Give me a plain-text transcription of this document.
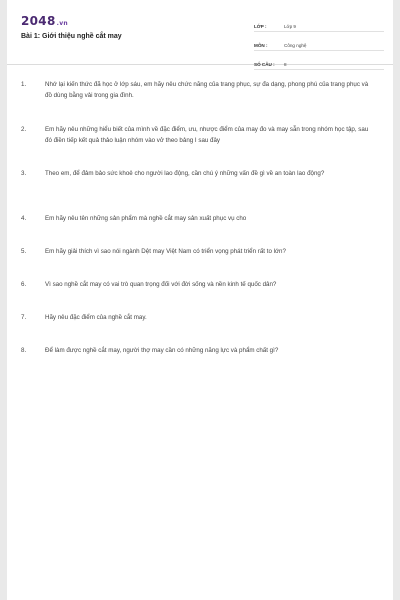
2048.vn
Bài 1: Giới thiệu nghề cắt may
LỚP :	Lớp 9
MÔN :	Công nghệ
SỐ CÂU :	8
1.	Nhớ lại kiến thức đã học ở lớp sáu, em hãy nêu chức năng của trang phục, sự đa dạng, phong phú của trang phục và đồ dùng bằng vải trong gia đình.
2.	Em hãy nêu những hiểu biết của mình về đặc điểm, ưu, nhược điểm của may đo và may sẵn trong nhóm học tập, sau đó điền tiếp kết quả thảo luận nhóm vào vở theo bảng I sau đây
3.	Theo em, để đảm bảo sức khoẻ cho người lao động, cần chú ý những vấn đề gì về an toàn lao động?
4.	Em hãy nêu tên những sản phẩm mà nghề cắt may sản xuất phục vụ cho
5.	Em hãy giải thích vì sao nói ngành Dệt may Việt Nam có triển vọng phát triển rất to lớn?
6.	Vì sao nghề cắt may có vai trò quan trọng đối với đời sống và nền kinh tế quốc dân?
7.	Hãy nêu đặc điểm của nghề cắt may.
8.	Để làm được nghề cắt may, người thợ may cần có những năng lực và phẩm chất gì?
